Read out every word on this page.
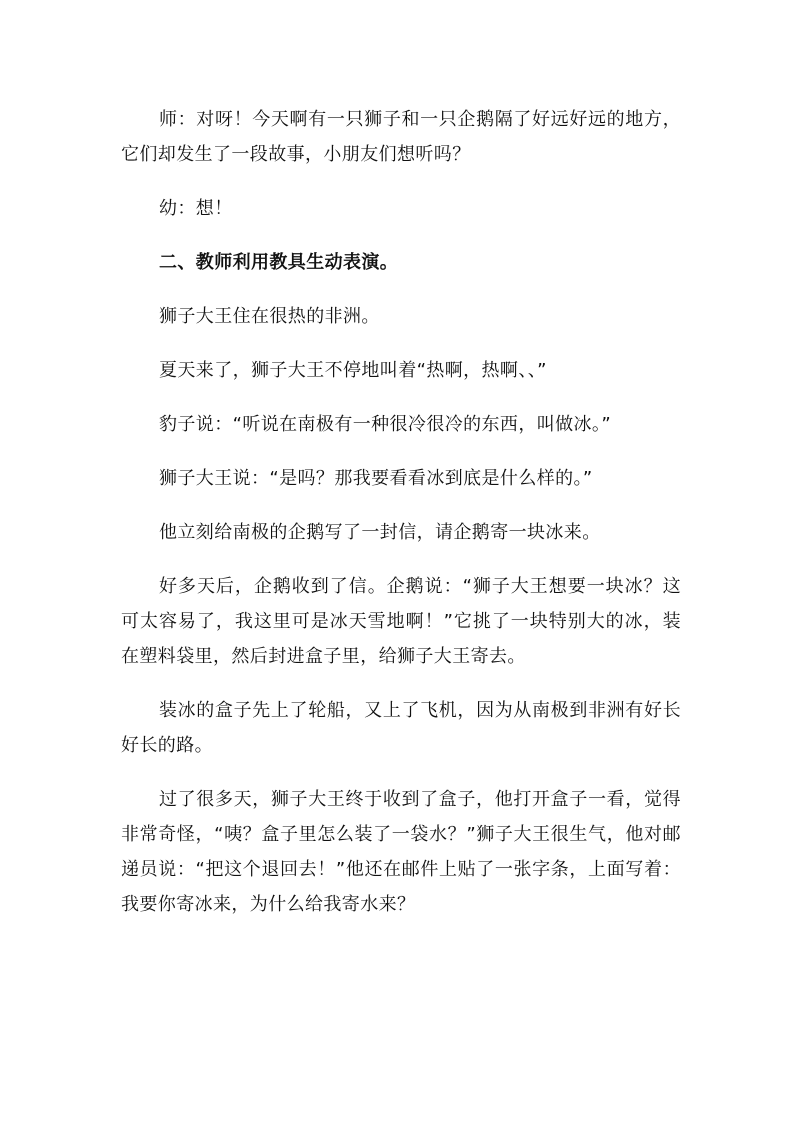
师：对呀！今天啊有一只狮子和一只企鹅隔了好远好远的地方，它们却发生了一段故事，小朋友们想听吗？

幼：想！

二、教师利用教具生动表演。

狮子大王住在很热的非洲。

夏天来了，狮子大王不停地叫着“热啊，热啊、、”

豹子说：“听说在南极有一种很冷很冷的东西，叫做冰。”

狮子大王说：“是吗？那我要看看冰到底是什么样的。”

他立刻给南极的企鹅写了一封信，请企鹅寄一块冰来。

好多天后，企鹅收到了信。企鹅说：“狮子大王想要一块冰？这可太容易了，我这里可是冰天雪地啊！”它挑了一块特别大的冰，装在塑料袋里，然后封进盒子里，给狮子大王寄去。

装冰的盒子先上了轮船，又上了飞机，因为从南极到非洲有好长好长的路。

过了很多天，狮子大王终于收到了盒子，他打开盒子一看，觉得非常奇怪，“咦？盒子里怎么装了一袋水？”狮子大王很生气，他对邮递员说：“把这个退回去！”他还在邮件上贴了一张字条，上面写着：我要你寄冰来，为什么给我寄水来？
